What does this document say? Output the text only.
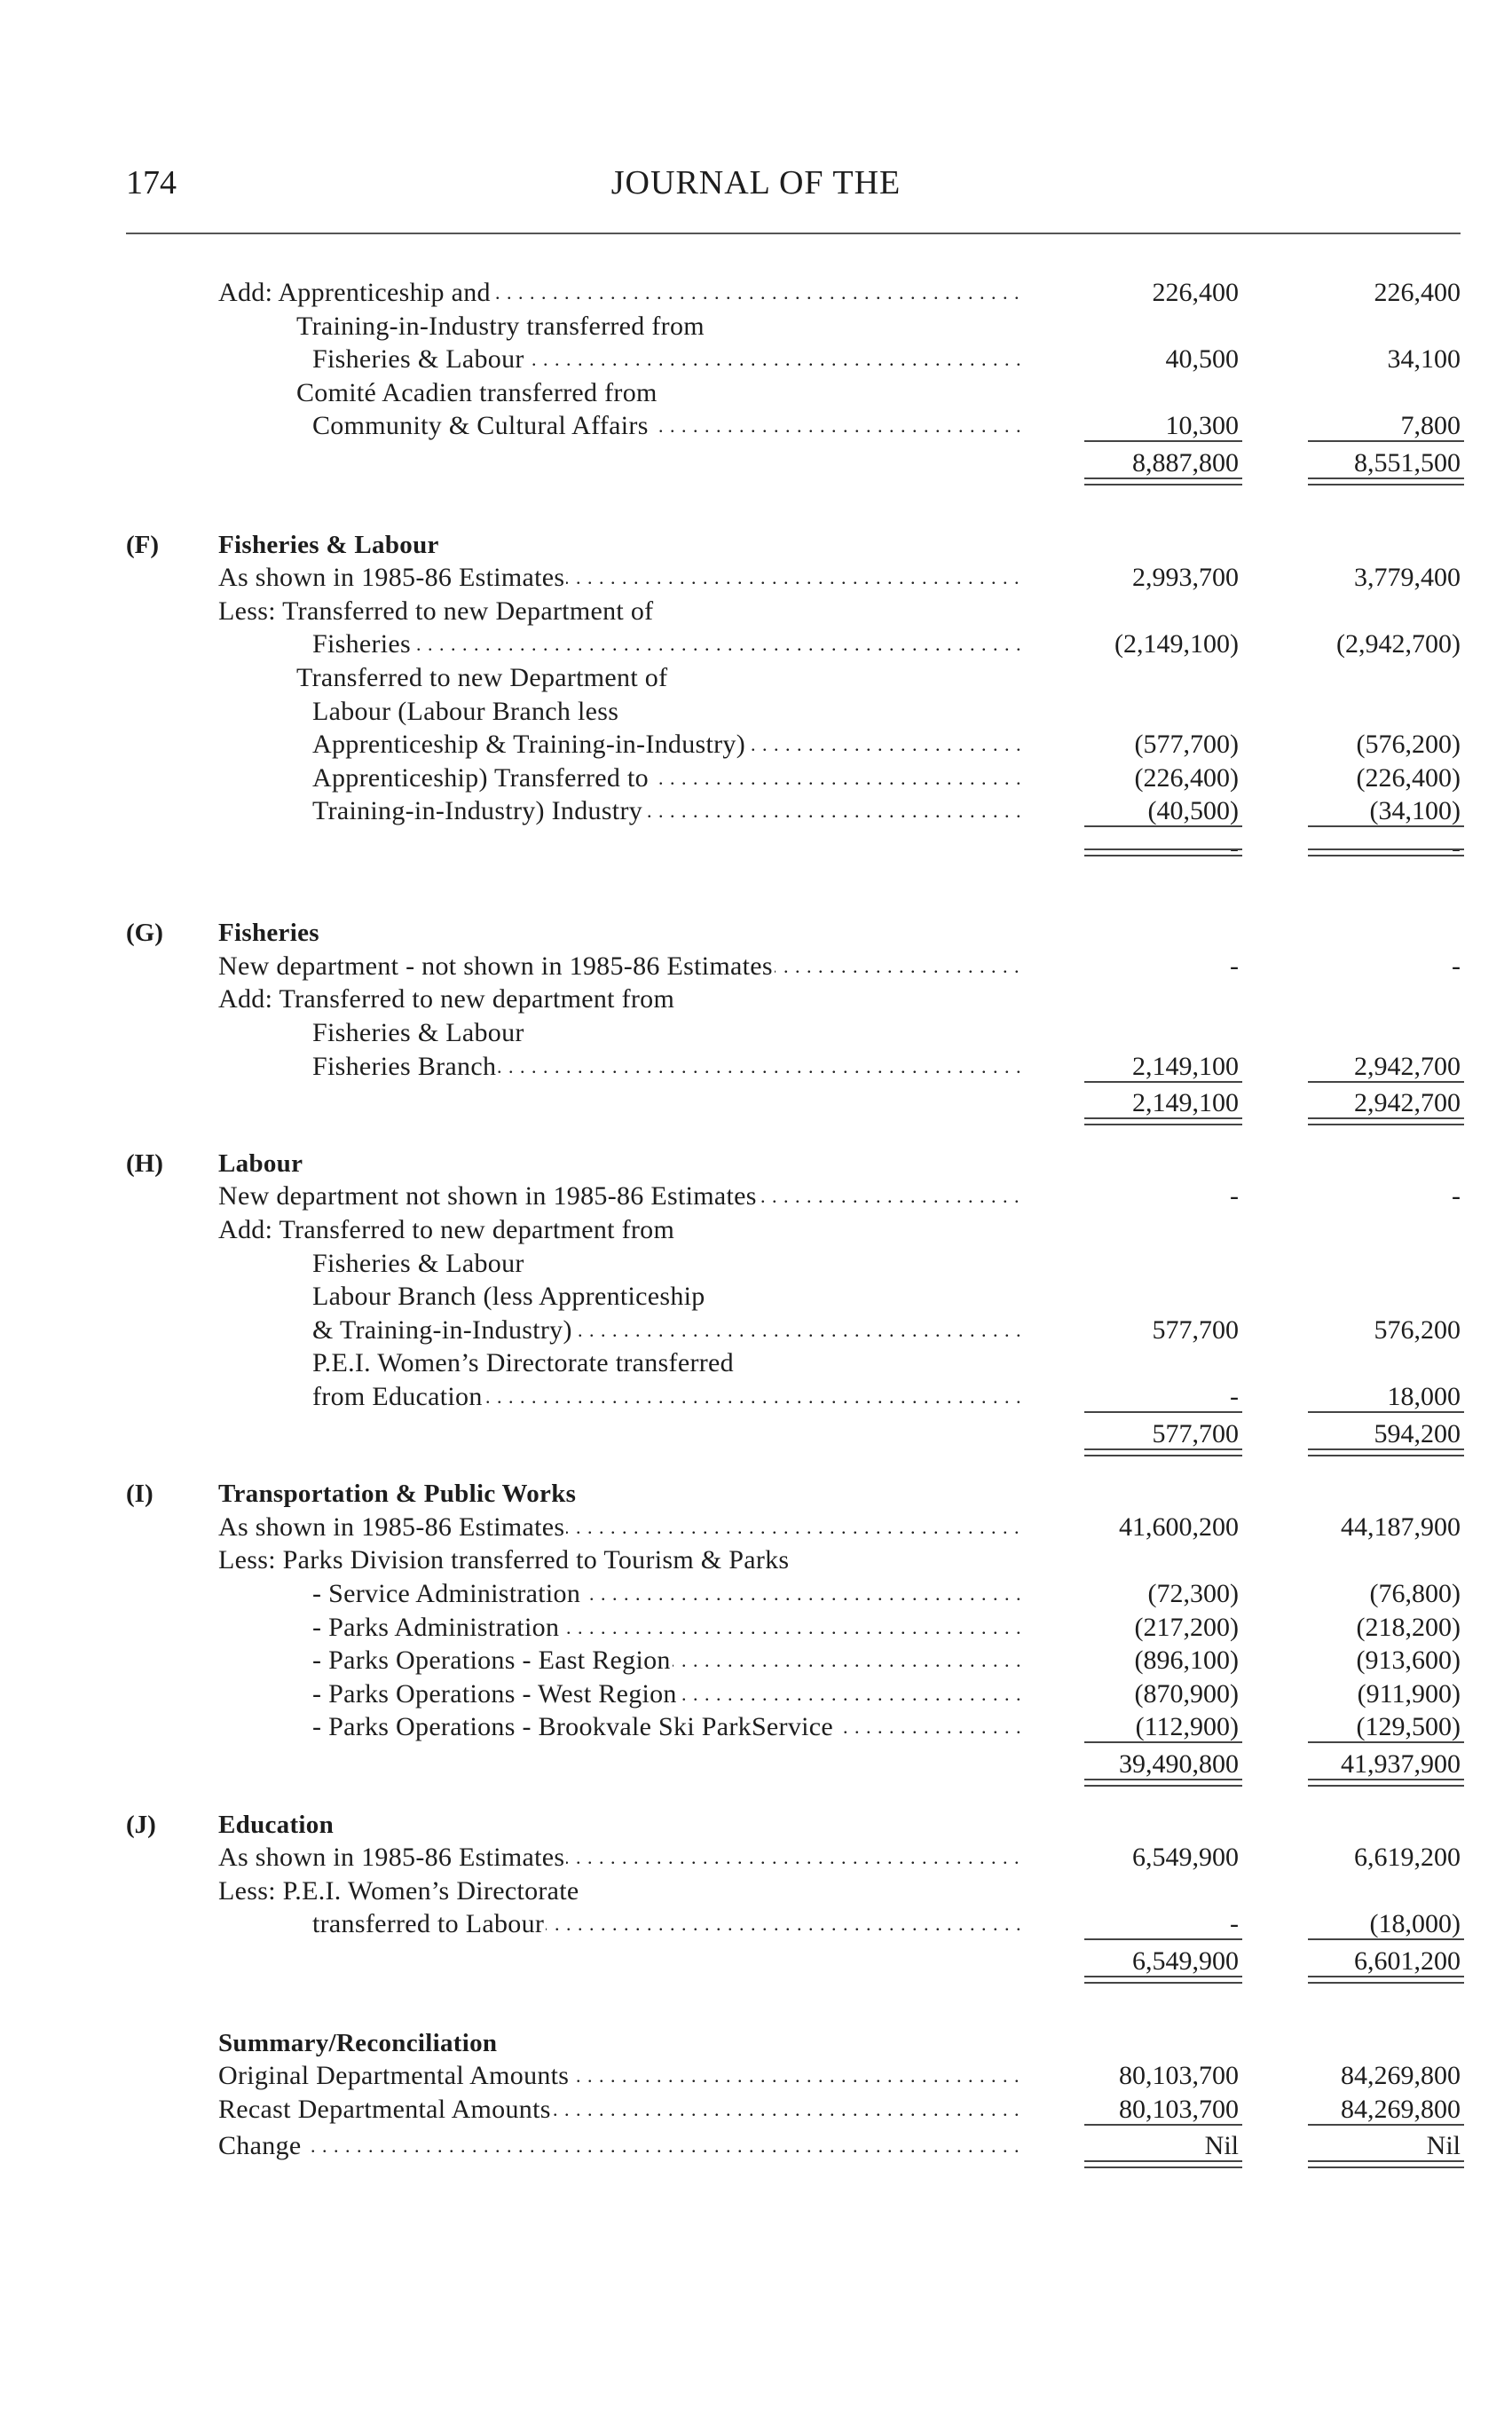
174	JOURNAL OF THE
Add: Apprenticeship and . . .	226,400	226,400
Training-in-Industry transferred from
Fisheries & Labour . . .	40,500	34,100
Comité Acadien transferred from
Community & Cultural Affairs . . .	10,300	7,800
8,887,800	8,551,500
(F) Fisheries & Labour
As shown in 1985-86 Estimates . . .	2,993,700	3,779,400
Less: Transferred to new Department of
Fisheries . . .	(2,149,100)	(2,942,700)
Transferred to new Department of
Labour (Labour Branch less
Apprenticeship & Training-in-Industry) . . .	(577,700)	(576,200)
Apprenticeship) Transferred to . . .	(226,400)	(226,400)
Training-in-Industry) Industry . . .	(40,500)	(34,100)
-	-
(G) Fisheries
New department - not shown in 1985-86 Estimates . . .	-	-
Add: Transferred to new department from
Fisheries & Labour
Fisheries Branch . . .	2,149,100	2,942,700
2,149,100	2,942,700
(H) Labour
New department not shown in 1985-86 Estimates . . .	-	-
Add: Transferred to new department from
Fisheries & Labour
Labour Branch (less Apprenticeship
& Training-in-Industry) . . .	577,700	576,200
P.E.I. Women’s Directorate transferred
from Education . . .	-	18,000
577,700	594,200
(I)	Transportation & Public Works
As shown in 1985-86 Estimates . . .	41,600,200	44,187,900
Less: Parks Division transferred to Tourism & Parks
- Service Administration . . .	(72,300)	(76,800)
- Parks Administration . . .	(217,200)	(218,200)
- Parks Operations - East Region . . .	(896,100)	(913,600)
- Parks Operations - West Region . . .	(870,900)	(911,900)
- Parks Operations - Brookvale Ski ParkService . . .	(112,900)	(129,500)
39,490,800	41,937,900
(J) Education
As shown in 1985-86 Estimates . . .	6,549,900	6,619,200
Less: P.E.I. Women’s Directorate
transferred to Labour . . .	-	(18,000)
6,549,900	6,601,200
Summary/Reconciliation
Original Departmental Amounts . . .	80,103,700	84,269,800
Recast Departmental Amounts . . .	80,103,700	84,269,800
Change . . .	Nil	Nil
